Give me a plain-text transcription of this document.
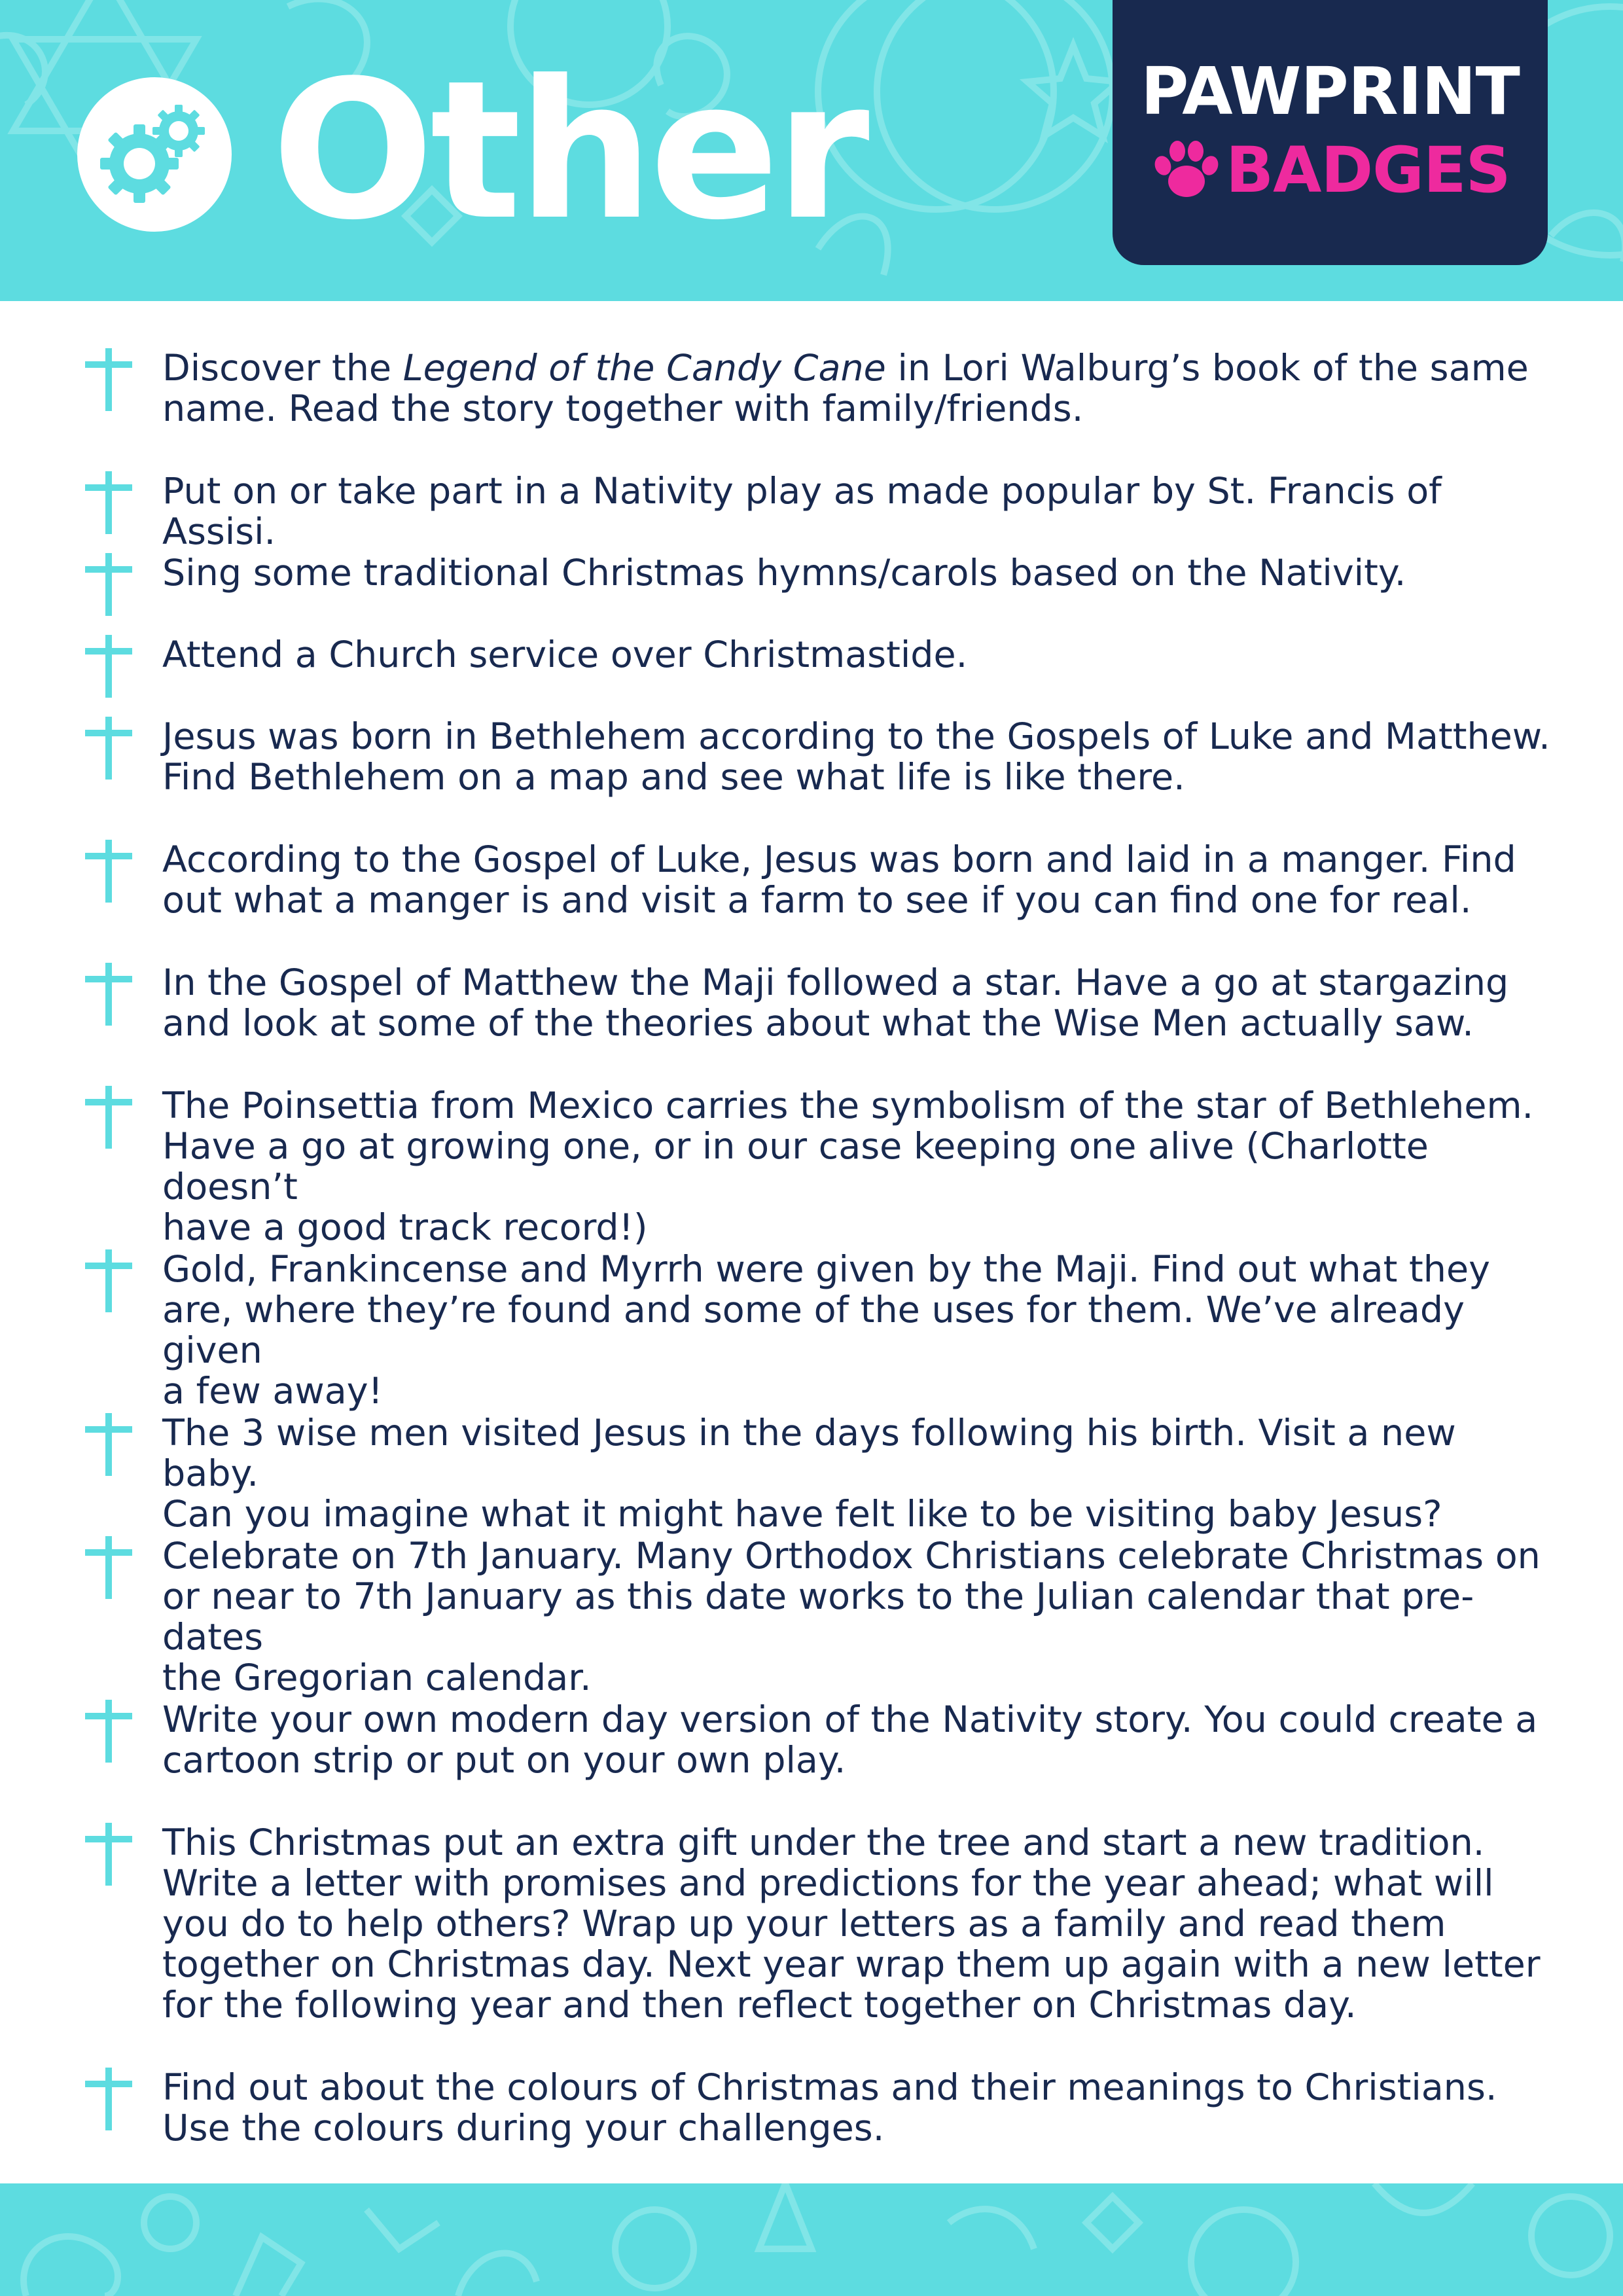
Other	PAWPRINT
BADGES

Discover the Legend of the Candy Cane in Lori Walburg’s book of the same
name. Read the story together with family/friends.

Put on or take part in a Nativity play as made popular by St. Francis of Assisi.

Sing some traditional Christmas hymns/carols based on the Nativity.

Attend a Church service over Christmastide.

Jesus was born in Bethlehem according to the Gospels of Luke and Matthew.
Find Bethlehem on a map and see what life is like there.

According to the Gospel of Luke, Jesus was born and laid in a manger. Find
out what a manger is and visit a farm to see if you can find one for real.

In the Gospel of Matthew the Maji followed a star. Have a go at stargazing
and look at some of the theories about what the Wise Men actually saw.

The Poinsettia from Mexico carries the symbolism of the star of Bethlehem.
Have a go at growing one, or in our case keeping one alive (Charlotte doesn’t
have a good track record!)

Gold, Frankincense and Myrrh were given by the Maji. Find out what they
are, where they’re found and some of the uses for them. We’ve already given
a few away!

The 3 wise men visited Jesus in the days following his birth. Visit a new baby.
Can you imagine what it might have felt like to be visiting baby Jesus?

Celebrate on 7th January. Many Orthodox Christians celebrate Christmas on
or near to 7th January as this date works to the Julian calendar that pre-dates
the Gregorian calendar.

Write your own modern day version of the Nativity story. You could create a
cartoon strip or put on your own play.

This Christmas put an extra gift under the tree and start a new tradition.
Write a letter with promises and predictions for the year ahead; what will
you do to help others? Wrap up your letters as a family and read them
together on Christmas day. Next year wrap them up again with a new letter
for the following year and then reflect together on Christmas day.

Find out about the colours of Christmas and their meanings to Christians.
Use the colours during your challenges.
